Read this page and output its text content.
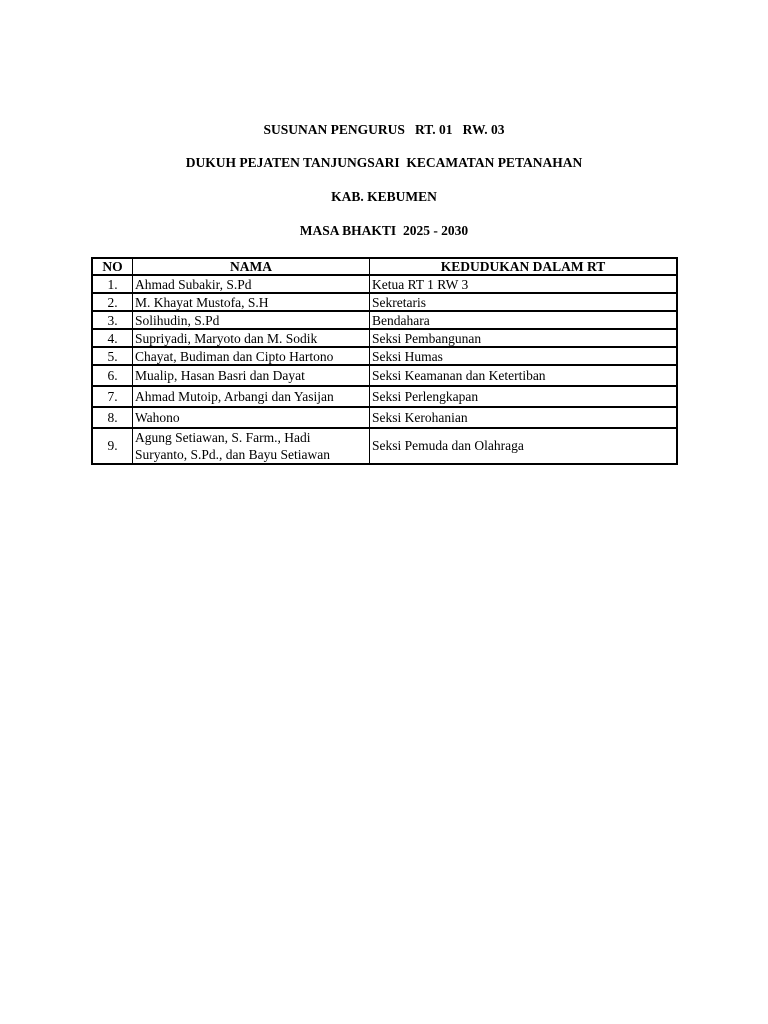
SUSUNAN PENGURUS   RT. 01   RW. 03
DUKUH PEJATEN TANJUNGSARI  KECAMATAN PETANAHAN
KAB. KEBUMEN
MASA BHAKTI  2025 - 2030
NO	NAMA	KEDUDUKAN DALAM RT
1.	Ahmad Subakir, S.Pd	Ketua RT 1 RW 3
2.	M. Khayat Mustofa, S.H	Sekretaris
3.	Solihudin, S.Pd	Bendahara
4.	Supriyadi, Maryoto dan M. Sodik	Seksi Pembangunan
5.	Chayat, Budiman dan Cipto Hartono	Seksi Humas
6.	Mualip, Hasan Basri dan Dayat	Seksi Keamanan dan Ketertiban
7.	Ahmad Mutoip, Arbangi dan Yasijan	Seksi Perlengkapan
8.	Wahono	Seksi Kerohanian
9.	Agung Setiawan, S. Farm., Hadi
Suryanto, S.Pd., dan Bayu Setiawan	Seksi Pemuda dan Olahraga
